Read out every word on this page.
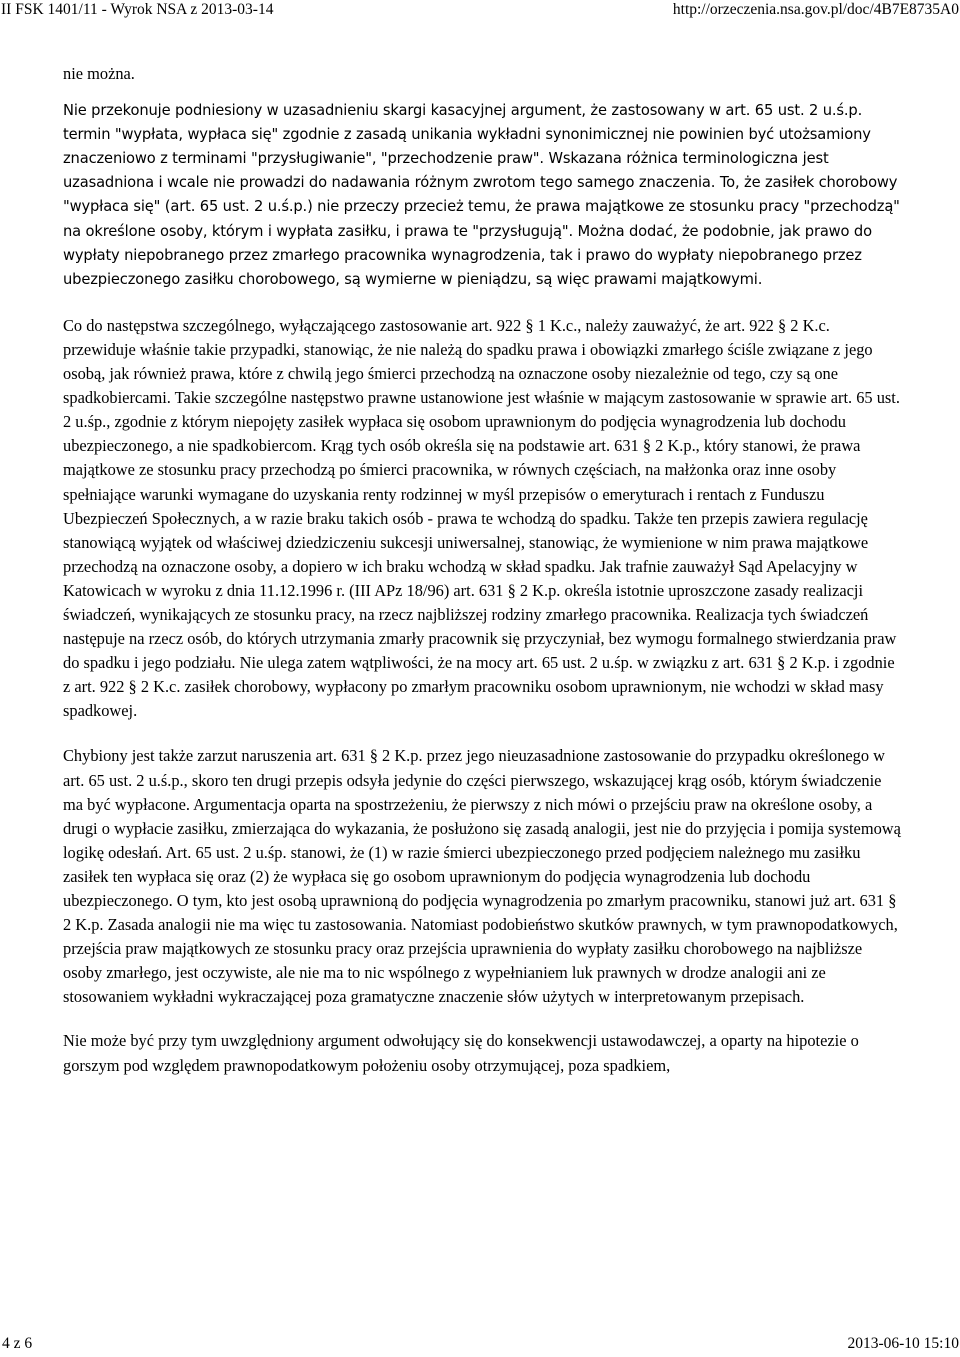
II FSK 1401/11 - Wyrok NSA z 2013-03-14	http://orzeczenia.nsa.gov.pl/doc/4B7E8735A0

nie można.

Nie przekonuje podniesiony w uzasadnieniu skargi kasacyjnej argument, że zastosowany w art. 65 ust. 2 u.ś.p. termin "wypłata, wypłaca się" zgodnie z zasadą unikania wykładni synonimicznej nie powinien być utożsamiony znaczeniowo z terminami "przysługiwanie", "przechodzenie praw". Wskazana różnica terminologiczna jest uzasadniona i wcale nie prowadzi do nadawania różnym zwrotom tego samego znaczenia. To, że zasiłek chorobowy "wypłaca się" (art. 65 ust. 2 u.ś.p.) nie przeczy przecież temu, że prawa majątkowe ze stosunku pracy "przechodzą" na określone osoby, którym i wypłata zasiłku, i prawa te "przysługują". Można dodać, że podobnie, jak prawo do wypłaty niepobranego przez zmarłego pracownika wynagrodzenia, tak i prawo do wypłaty niepobranego przez ubezpieczonego zasiłku chorobowego, są wymierne w pieniądzu, są więc prawami majątkowymi.

Co do następstwa szczególnego, wyłączającego zastosowanie art. 922 § 1 K.c., należy zauważyć, że art. 922 § 2 K.c. przewiduje właśnie takie przypadki, stanowiąc, że nie należą do spadku prawa i obowiązki zmarłego ściśle związane z jego osobą, jak również prawa, które z chwilą jego śmierci przechodzą na oznaczone osoby niezależnie od tego, czy są one spadkobiercami. Takie szczególne następstwo prawne ustanowione jest właśnie w mającym zastosowanie w sprawie art. 65 ust. 2 u.śp., zgodnie z którym niepojęty zasiłek wypłaca się osobom uprawnionym do podjęcia wynagrodzenia lub dochodu ubezpieczonego, a nie spadkobiercom. Krąg tych osób określa się na podstawie art. 631 § 2 K.p., który stanowi, że prawa majątkowe ze stosunku pracy przechodzą po śmierci pracownika, w równych częściach, na małżonka oraz inne osoby spełniające warunki wymagane do uzyskania renty rodzinnej w myśl przepisów o emeryturach i rentach z Funduszu Ubezpieczeń Społecznych, a w razie braku takich osób - prawa te wchodzą do spadku. Także ten przepis zawiera regulację stanowiącą wyjątek od właściwej dziedziczeniu sukcesji uniwersalnej, stanowiąc, że wymienione w nim prawa majątkowe przechodzą na oznaczone osoby, a dopiero w ich braku wchodzą w skład spadku. Jak trafnie zauważył Sąd Apelacyjny w Katowicach w wyroku z dnia 11.12.1996 r. (III APz 18/96) art. 631 § 2 K.p. określa istotnie uproszczone zasady realizacji świadczeń, wynikających ze stosunku pracy, na rzecz najbliższej rodziny zmarłego pracownika. Realizacja tych świadczeń następuje na rzecz osób, do których utrzymania zmarły pracownik się przyczyniał, bez wymogu formalnego stwierdzania praw do spadku i jego podziału. Nie ulega zatem wątpliwości, że na mocy art. 65 ust. 2 u.śp. w związku z art. 631 § 2 K.p. i zgodnie z art. 922 § 2 K.c. zasiłek chorobowy, wypłacony po zmarłym pracowniku osobom uprawnionym, nie wchodzi w skład masy spadkowej.

Chybiony jest także zarzut naruszenia art. 631 § 2 K.p. przez jego nieuzasadnione zastosowanie do przypadku określonego w art. 65 ust. 2 u.ś.p., skoro ten drugi przepis odsyła jedynie do części pierwszego, wskazującej krąg osób, którym świadczenie ma być wypłacone. Argumentacja oparta na spostrzeżeniu, że pierwszy z nich mówi o przejściu praw na określone osoby, a drugi o wypłacie zasiłku, zmierzająca do wykazania, że posłużono się zasadą analogii, jest nie do przyjęcia i pomija systemową logikę odesłań. Art. 65 ust. 2 u.śp. stanowi, że (1) w razie śmierci ubezpieczonego przed podjęciem należnego mu zasiłku zasiłek ten wypłaca się oraz (2) że wypłaca się go osobom uprawnionym do podjęcia wynagrodzenia lub dochodu ubezpieczonego. O tym, kto jest osobą uprawnioną do podjęcia wynagrodzenia po zmarłym pracowniku, stanowi już art. 631 § 2 K.p. Zasada analogii nie ma więc tu zastosowania. Natomiast podobieństwo skutków prawnych, w tym prawnopodatkowych, przejścia praw majątkowych ze stosunku pracy oraz przejścia uprawnienia do wypłaty zasiłku chorobowego na najbliższe osoby zmarłego, jest oczywiste, ale nie ma to nic wspólnego z wypełnianiem luk prawnych w drodze analogii ani ze stosowaniem wykładni wykraczającej poza gramatyczne znaczenie słów użytych w interpretowanym przepisach.

Nie może być przy tym uwzględniony argument odwołujący się do konsekwencji ustawodawczej, a oparty na hipotezie o gorszym pod względem prawnopodatkowym położeniu osoby otrzymującej, poza spadkiem,

4 z 6	2013-06-10 15:10
